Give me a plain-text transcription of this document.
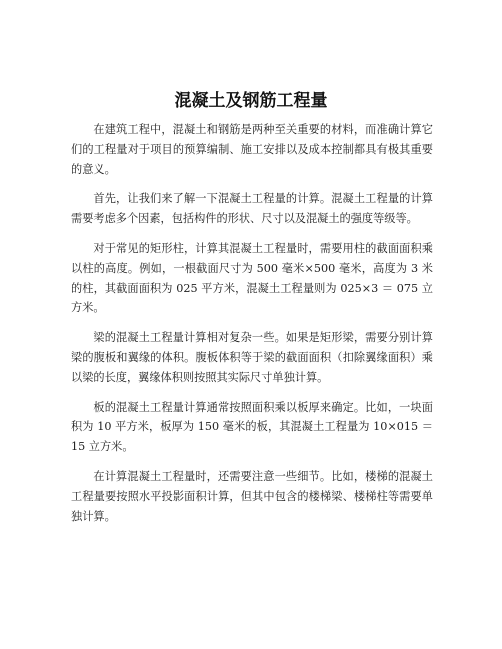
混凝土及钢筋工程量

在建筑工程中，混凝土和钢筋是两种至关重要的材料，而准确计算它们的工程量对于项目的预算编制、施工安排以及成本控制都具有极其重要的意义。

首先，让我们来了解一下混凝土工程量的计算。混凝土工程量的计算需要考虑多个因素，包括构件的形状、尺寸以及混凝土的强度等级等。

对于常见的矩形柱，计算其混凝土工程量时，需要用柱的截面面积乘以柱的高度。例如，一根截面尺寸为 500 毫米×500 毫米，高度为 3 米的柱，其截面面积为 025 平方米，混凝土工程量则为 025×3 ＝ 075 立方米。

梁的混凝土工程量计算相对复杂一些。如果是矩形梁，需要分别计算梁的腹板和翼缘的体积。腹板体积等于梁的截面面积（扣除翼缘面积）乘以梁的长度，翼缘体积则按照其实际尺寸单独计算。

板的混凝土工程量计算通常按照面积乘以板厚来确定。比如，一块面积为 10 平方米，板厚为 150 毫米的板，其混凝土工程量为 10×015 ＝ 15 立方米。

在计算混凝土工程量时，还需要注意一些细节。比如，楼梯的混凝土工程量要按照水平投影面积计算，但其中包含的楼梯梁、楼梯柱等需要单独计算。
